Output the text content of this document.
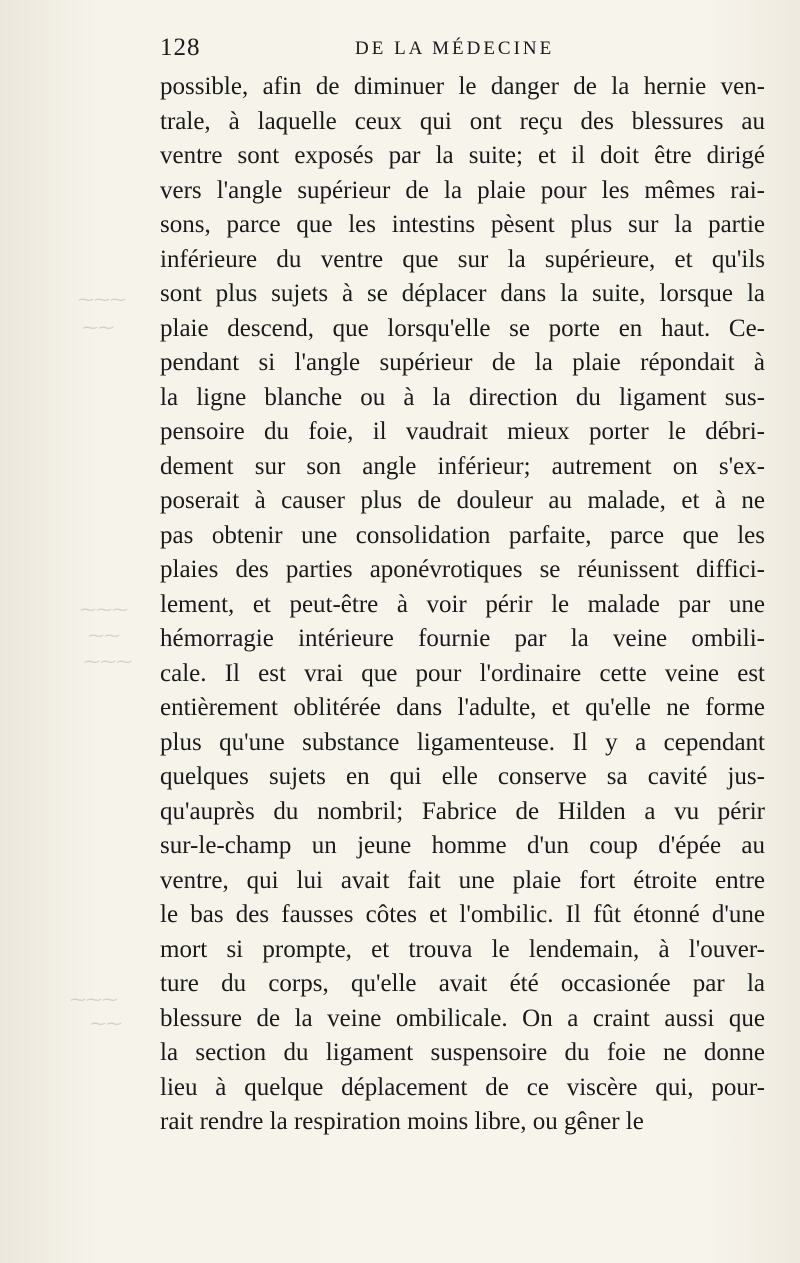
⁓⁓⁓
⁓⁓
⁓⁓⁓
⁓⁓
⁓⁓⁓
⁓⁓⁓
⁓⁓
128	DE LA MÉDECINE
possible, afin de diminuer le danger de la hernie ven-
trale, à laquelle ceux qui ont reçu des blessures au
ventre sont exposés par la suite; et il doit être dirigé
vers l'angle supérieur de la plaie pour les mêmes rai-
sons, parce que les intestins pèsent plus sur la partie
inférieure du ventre que sur la supérieure, et qu'ils
sont plus sujets à se déplacer dans la suite, lorsque la
plaie descend, que lorsqu'elle se porte en haut. Ce-
pendant si l'angle supérieur de la plaie répondait à
la ligne blanche ou à la direction du ligament sus-
pensoire du foie, il vaudrait mieux porter le débri-
dement sur son angle inférieur; autrement on s'ex-
poserait à causer plus de douleur au malade, et à ne
pas obtenir une consolidation parfaite, parce que les
plaies des parties aponévrotiques se réunissent diffici-
lement, et peut-être à voir périr le malade par une
hémorragie intérieure fournie par la veine ombili-
cale. Il est vrai que pour l'ordinaire cette veine est
entièrement oblitérée dans l'adulte, et qu'elle ne forme
plus qu'une substance ligamenteuse. Il y a cependant
quelques sujets en qui elle conserve sa cavité jus-
qu'auprès du nombril; Fabrice de Hilden a vu périr
sur-le-champ un jeune homme d'un coup d'épée au
ventre, qui lui avait fait une plaie fort étroite entre
le bas des fausses côtes et l'ombilic. Il fût étonné d'une
mort si prompte, et trouva le lendemain, à l'ouver-
ture du corps, qu'elle avait été occasionée par la
blessure de la veine ombilicale. On a craint aussi que
la section du ligament suspensoire du foie ne donne
lieu à quelque déplacement de ce viscère qui, pour-
rait rendre la respiration moins libre, ou gêner le
